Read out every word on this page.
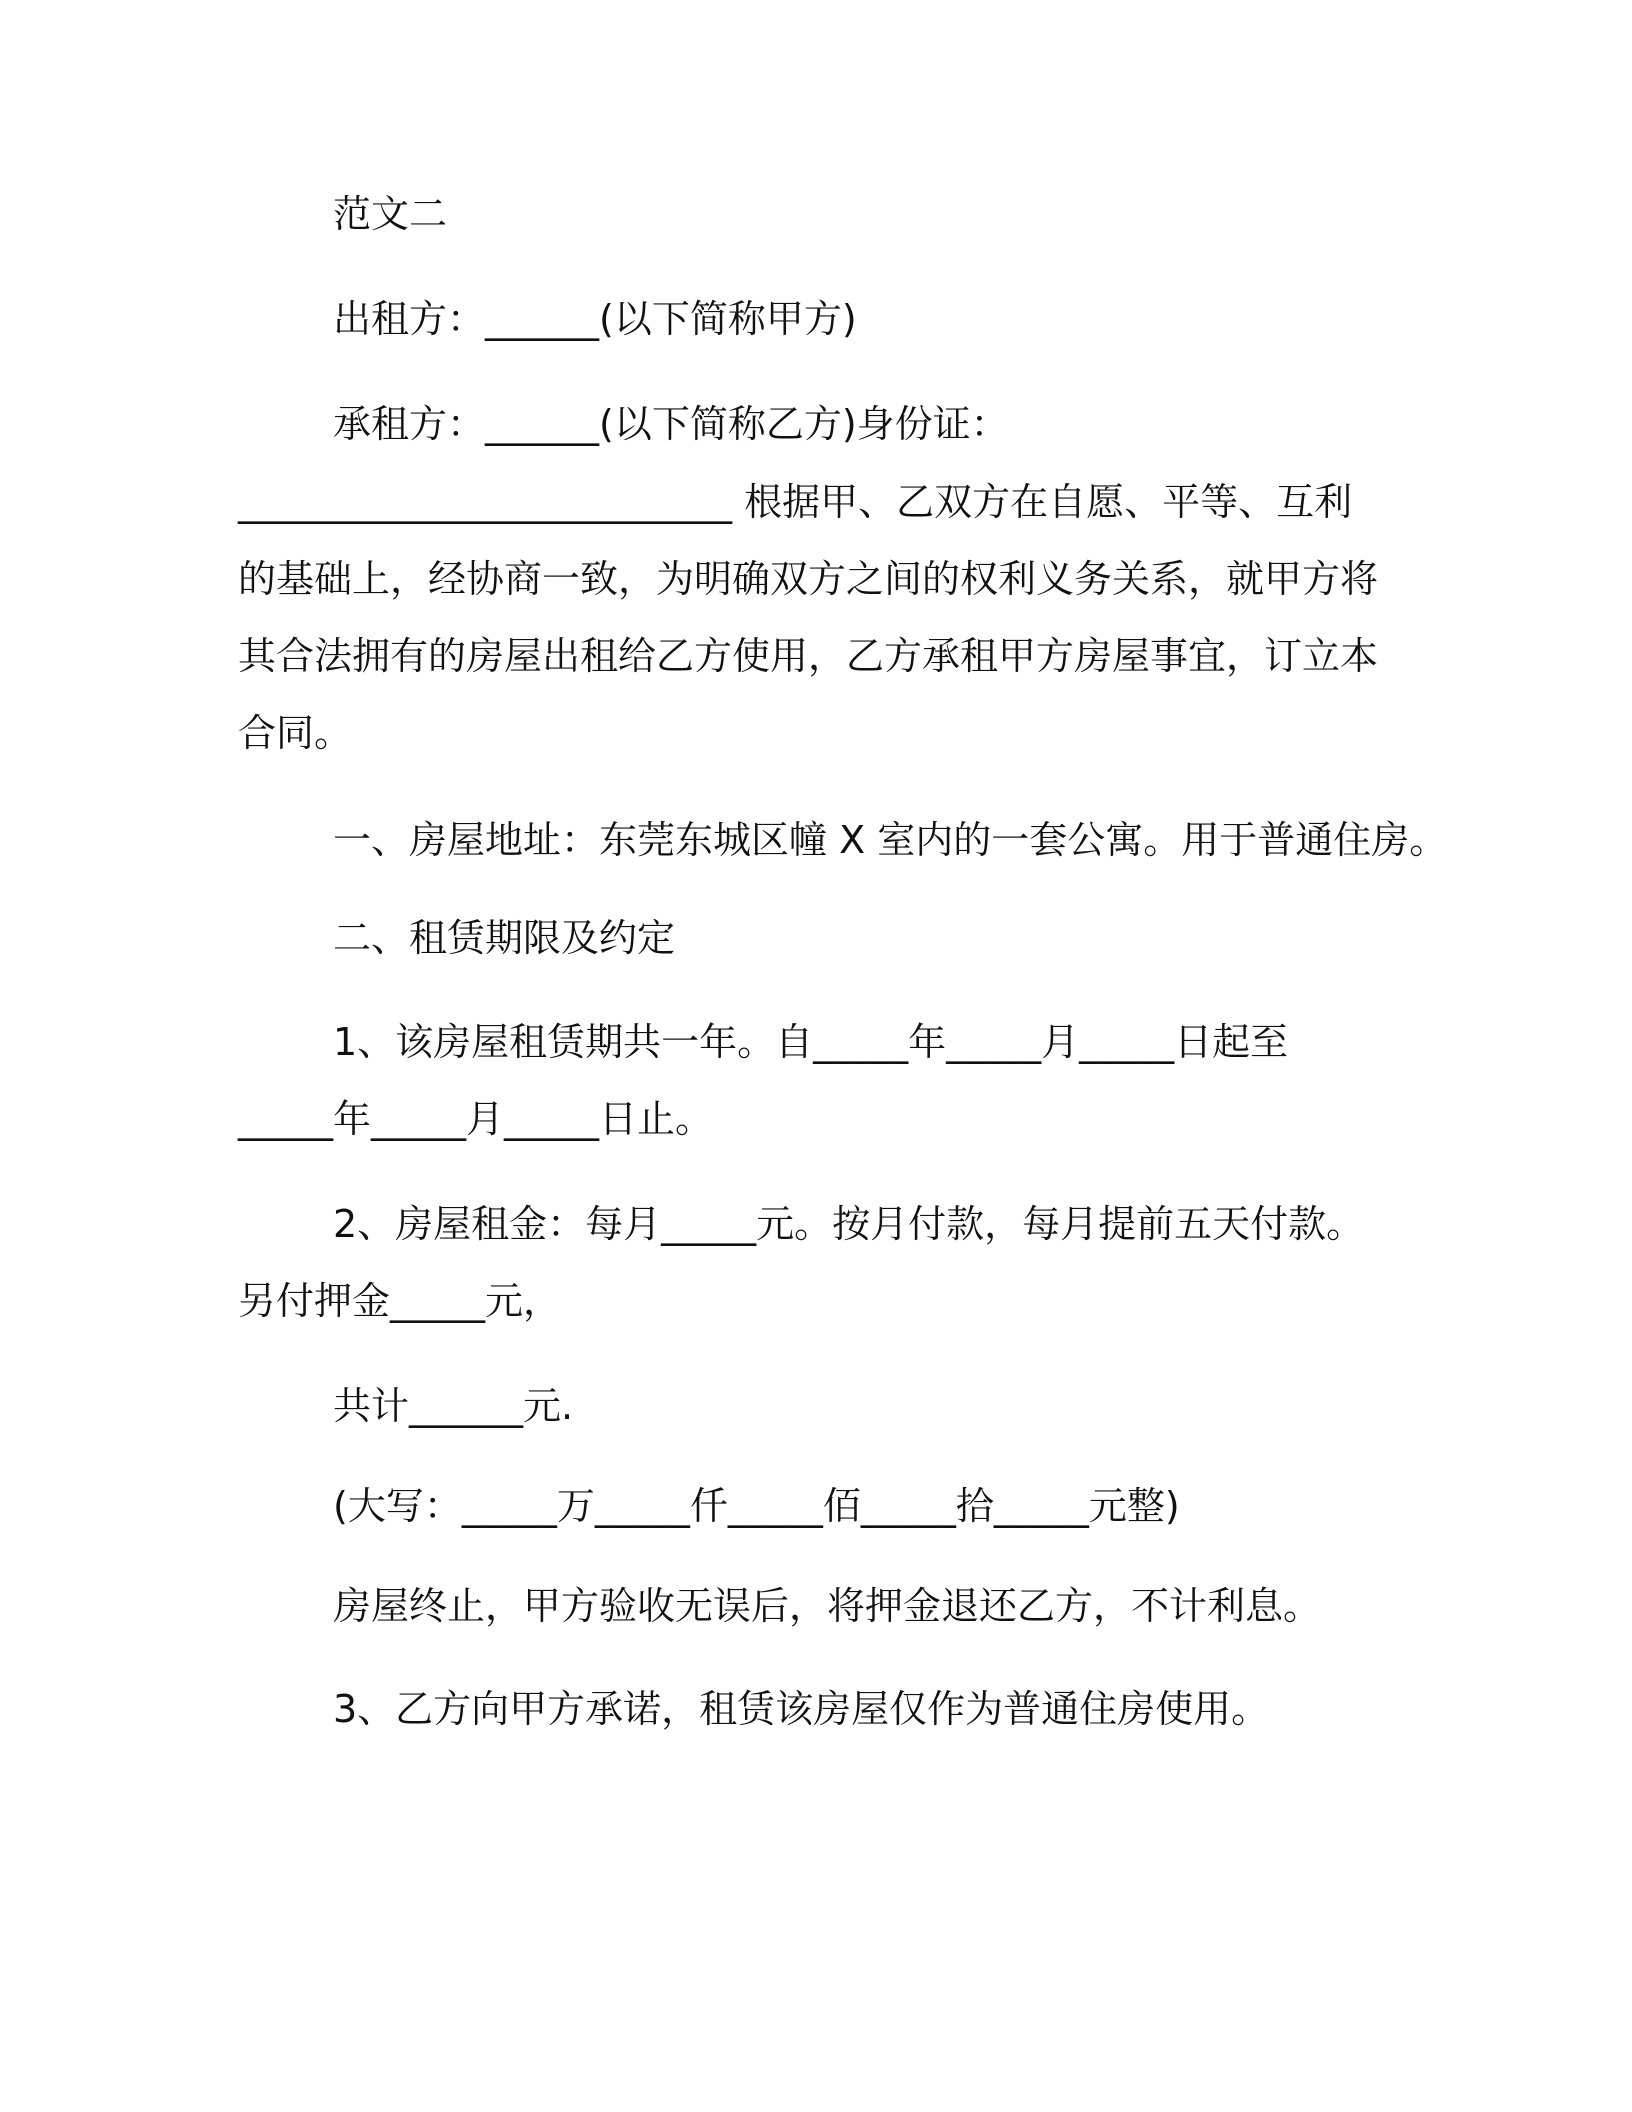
范文二
出租方：______(以下简称甲方)
承租方：______(以下简称乙方)身份证：
__________________________ 根据甲、乙双方在自愿、平等、互利
的基础上，经协商一致，为明确双方之间的权利义务关系，就甲方将
其合法拥有的房屋出租给乙方使用，乙方承租甲方房屋事宜，订立本
合同。
一、房屋地址：东莞东城区幢 X 室内的一套公寓。用于普通住房。
二、租赁期限及约定
1、该房屋租赁期共一年。自_____年_____月_____日起至
_____年_____月_____日止。
2、房屋租金：每月_____元。按月付款，每月提前五天付款。
另付押金_____元，
共计______元.
(大写：_____万_____仟_____佰_____拾_____元整)
房屋终止，甲方验收无误后，将押金退还乙方，不计利息。
3、乙方向甲方承诺，租赁该房屋仅作为普通住房使用。
